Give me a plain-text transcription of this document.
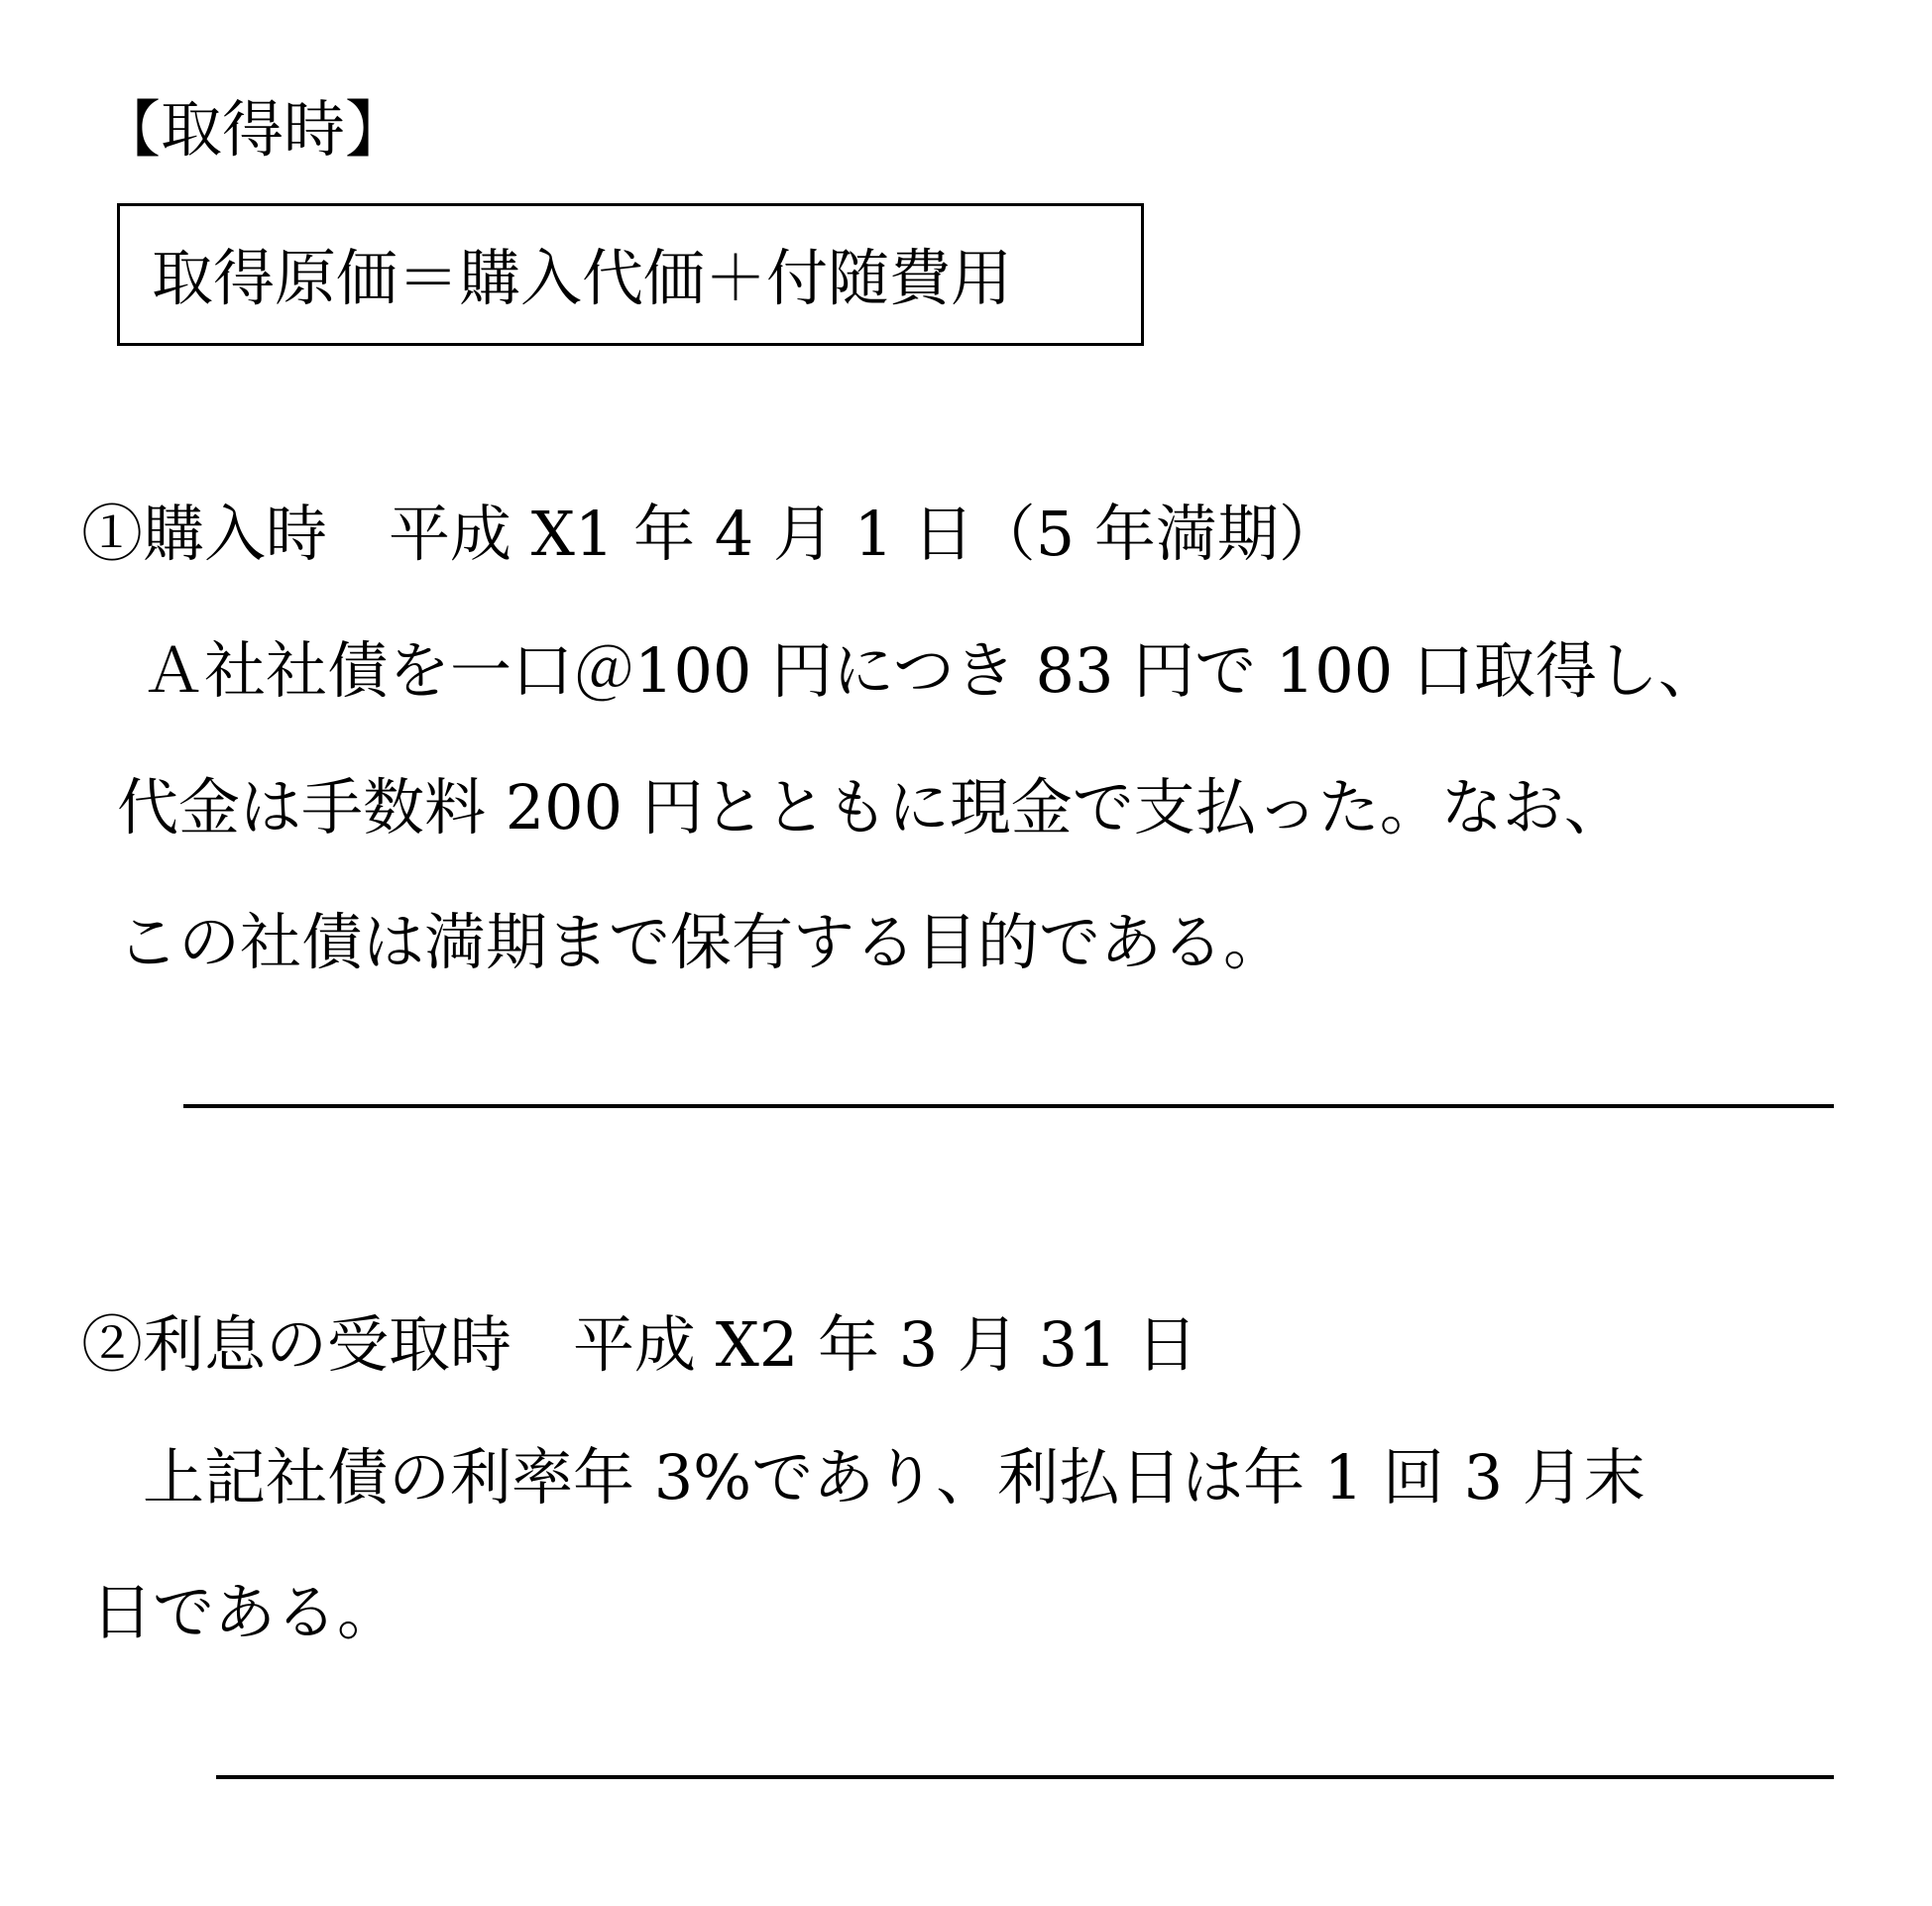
【取得時】
取得原価＝購入代価＋付随費用
①購入時　平成 X1 年 4 月 1 日（5 年満期）
　Ａ社社債を一口＠100 円につき 83 円で 100 口取得し、
代金は手数料 200 円とともに現金で支払った。なお、
この社債は満期まで保有する目的である。
②利息の受取時　平成 X2 年 3 月 31 日
　上記社債の利率年 3%であり、利払日は年 1 回 3 月末
日である。
